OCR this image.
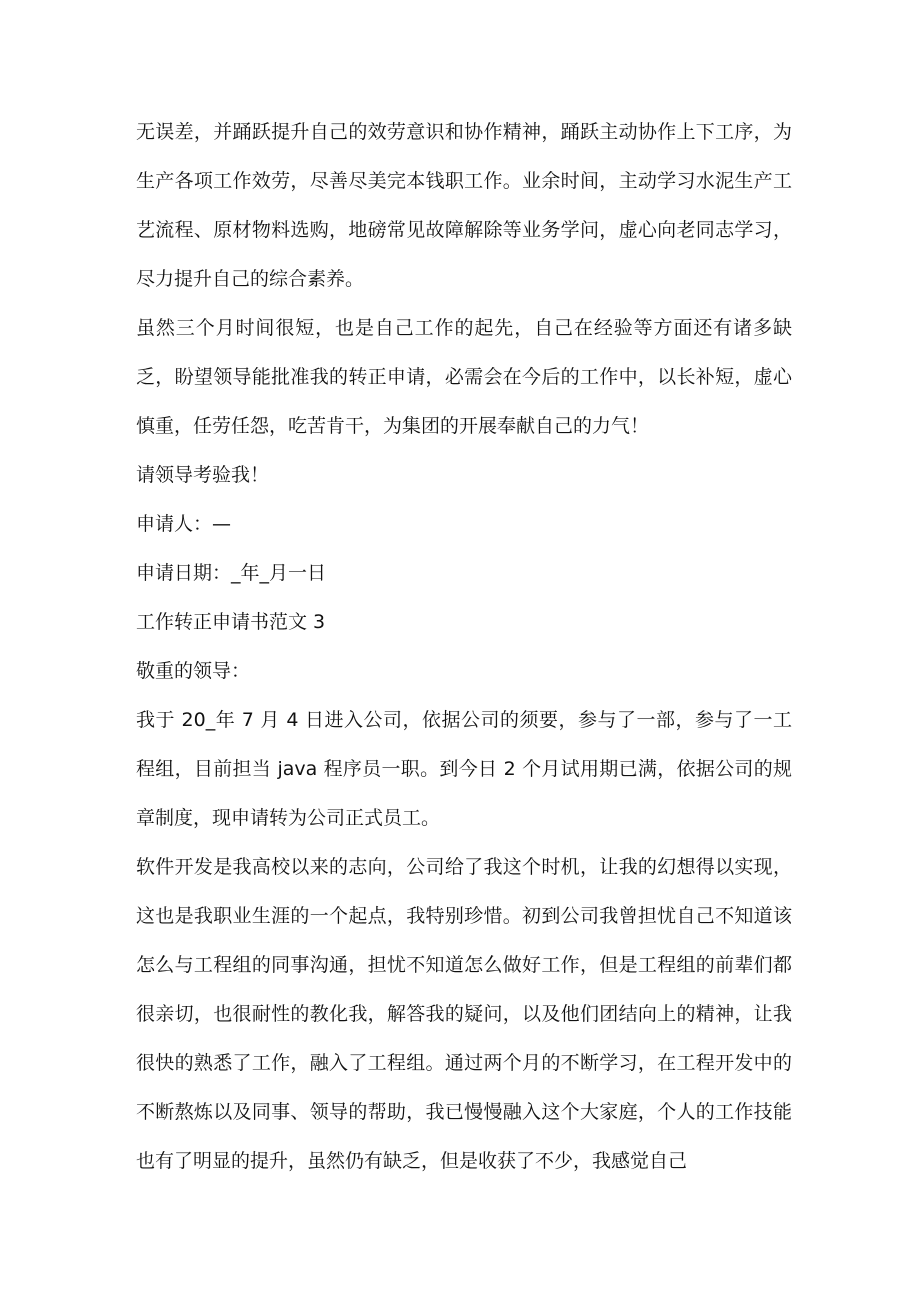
无误差，并踊跃提升自己的效劳意识和协作精神，踊跃主动协作上下工序，为生产各项工作效劳，尽善尽美完本钱职工作。业余时间，主动学习水泥生产工艺流程、原材物料选购，地磅常见故障解除等业务学问，虚心向老同志学习，尽力提升自己的综合素养。

虽然三个月时间很短，也是自己工作的起先，自己在经验等方面还有诸多缺乏，盼望领导能批准我的转正申请，必需会在今后的工作中，以长补短，虚心慎重，任劳任怨，吃苦肯干，为集团的开展奉献自己的力气！

请领导考验我！

申请人：—

申请日期：_年_月一日

工作转正申请书范文 3

敬重的领导：

我于 20_年 7 月 4 日进入公司，依据公司的须要，参与了一部，参与了一工程组，目前担当 java 程序员一职。到今日 2 个月试用期已满，依据公司的规章制度，现申请转为公司正式员工。

软件开发是我高校以来的志向，公司给了我这个时机，让我的幻想得以实现，这也是我职业生涯的一个起点，我特别珍惜。初到公司我曾担忧自己不知道该怎么与工程组的同事沟通，担忧不知道怎么做好工作，但是工程组的前辈们都很亲切，也很耐性的教化我，解答我的疑问，以及他们团结向上的精神，让我很快的熟悉了工作，融入了工程组。通过两个月的不断学习，在工程开发中的不断熬炼以及同事、领导的帮助，我已慢慢融入这个大家庭，个人的工作技能也有了明显的提升，虽然仍有缺乏，但是收获了不少，我感觉自己
